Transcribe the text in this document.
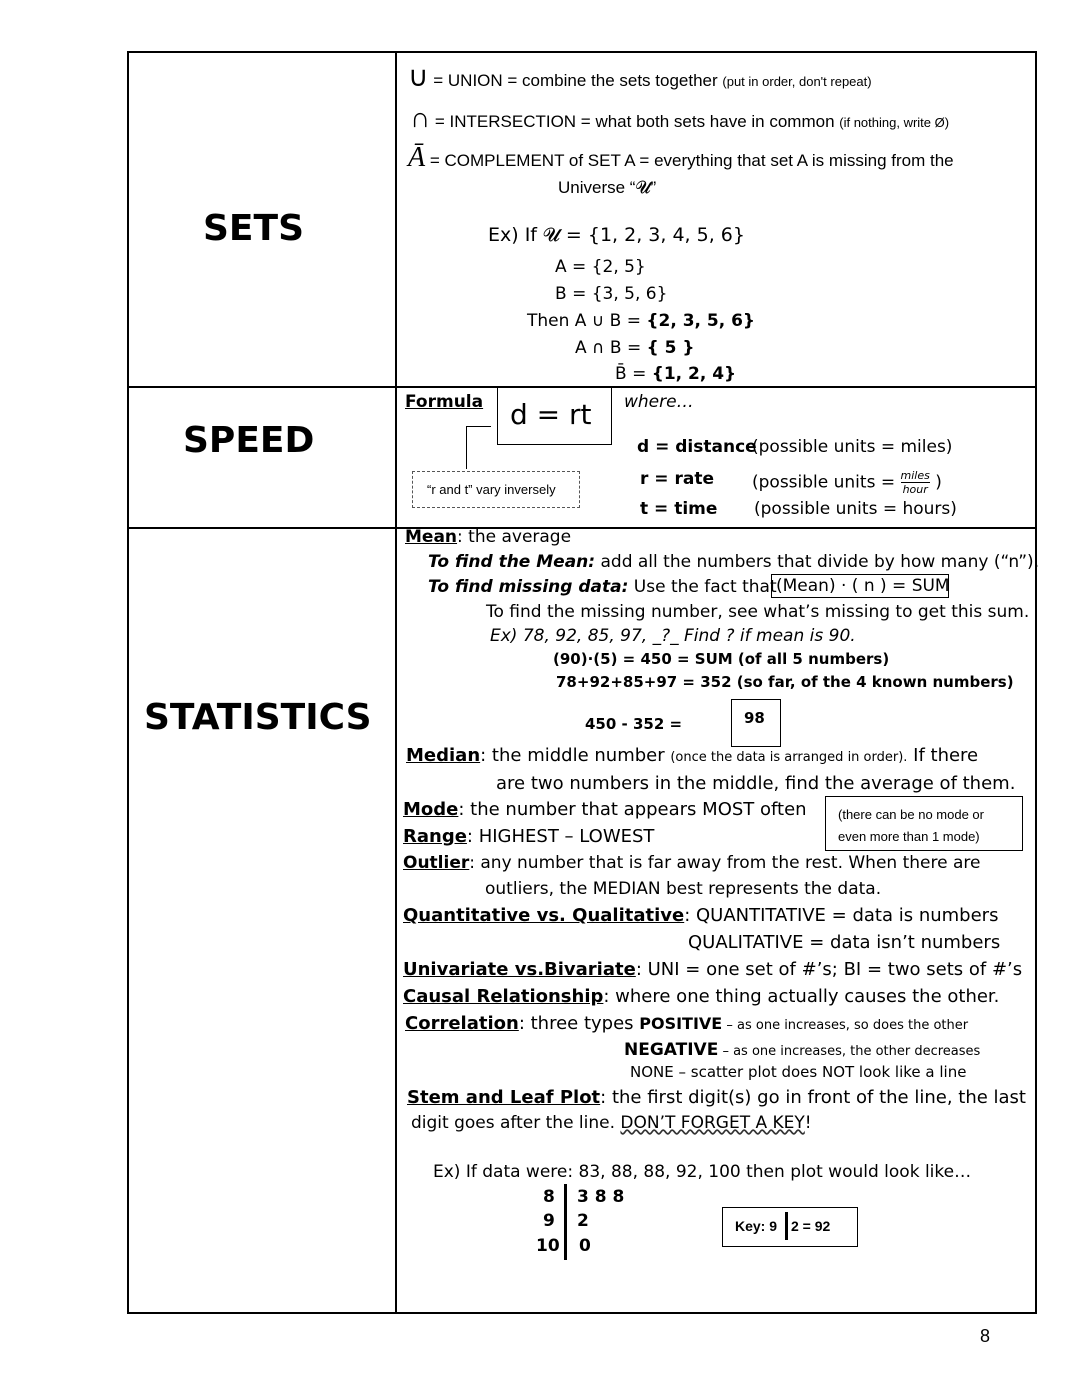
SETS
SPEED
STATISTICS
∪ = UNION = combine the sets together (put in order, don't repeat)
∩ = INTERSECTION = what both sets have in common (if nothing, write Ø)
Ā = COMPLEMENT of SET A = everything that set A is missing from the
Universe “𝓤”
Ex) If 𝓤 = {1, 2, 3, 4, 5, 6}
A = {2, 5}
B = {3, 5, 6}
Then A ∪ B = {2, 3, 5, 6}
A ∩ B = { 5 }
B̄ = {1, 2, 4}
Formula d = rt where…
“r and t” vary inversely
d = distance
(possible units = miles)
r = rate (possible units = miles
hour )
t = time (possible units = hours)
Mean: the average
To find the Mean: add all the numbers that divide by how many (“n”).
To find missing data: Use the fact that (Mean) · ( n ) = SUM
To find the missing number, see what’s missing to get this sum.
Ex) 78, 92, 85, 97, _?_ Find ? if mean is 90.
(90)·(5) = 450 = SUM (of all 5 numbers)
78+92+85+97 = 352 (so far, of the 4 known numbers)
450 - 352 =	98
Median: the middle number (once the data is arranged in order). If there
are two numbers in the middle, find the average of them.
Mode: the number that appears MOST often (there can be no mode or
even more than 1 mode)
Range: HIGHEST – LOWEST
Outlier: any number that is far away from the rest. When there are
outliers, the MEDIAN best represents the data.
Quantitative vs. Qualitative: QUANTITATIVE = data is numbers
QUALITATIVE = data isn’t numbers
Univariate vs.Bivariate: UNI = one set of #’s; BI = two sets of #’s
Causal Relationship: where one thing actually causes the other.
Correlation: three types POSITIVE – as one increases, so does the other
NEGATIVE – as one increases, the other decreases
NONE – scatter plot does NOT look like a line
Stem and Leaf Plot: the first digit(s) go in front of the line, the last
digit goes after the line. DON’T FORGET A KEY!
Ex) If data were: 83, 88, 88, 92, 100 then plot would look like…
8
9
10
3 8 8
2
0
Key: 9 2 = 92
8
